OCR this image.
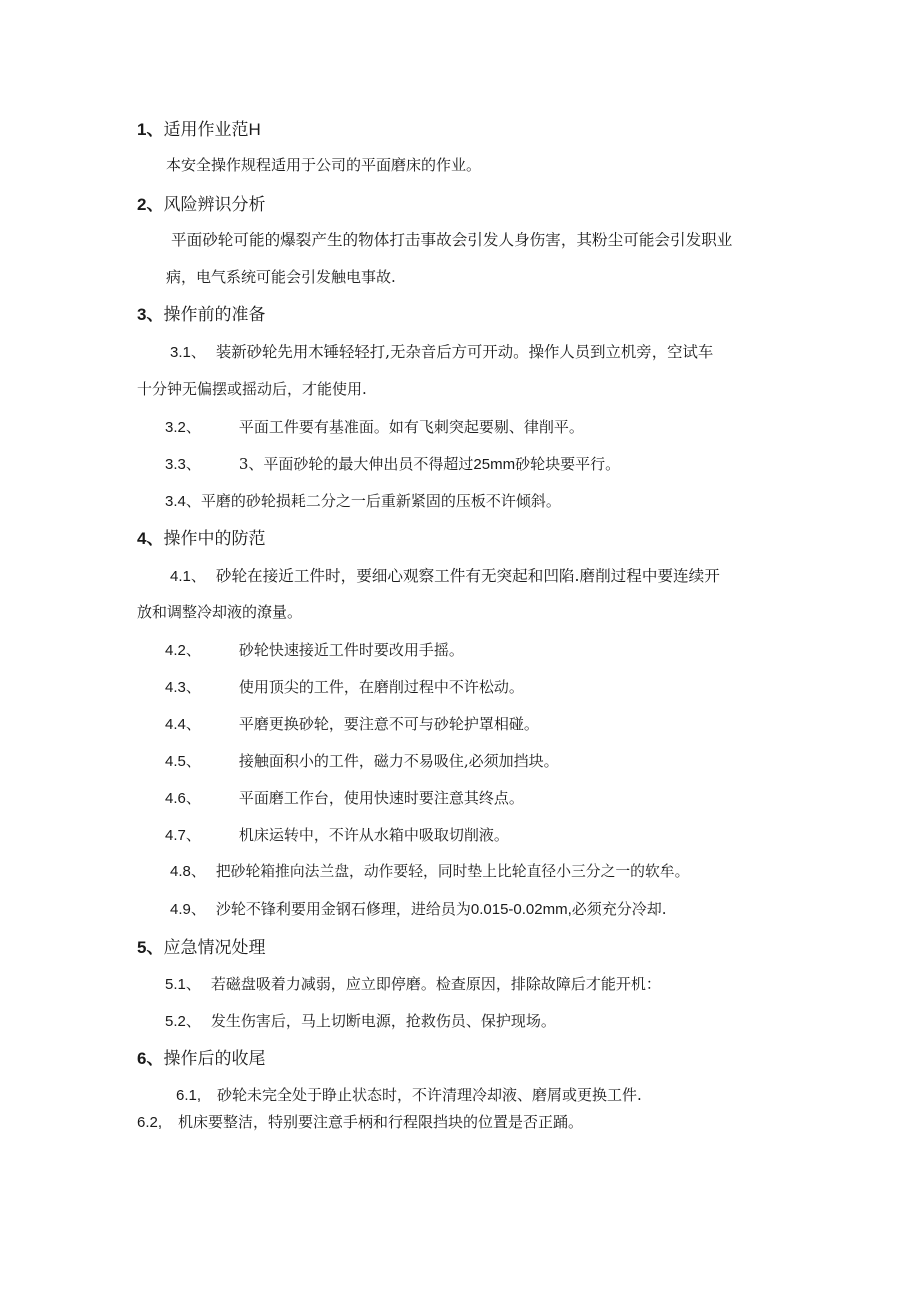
1、适用作业范H
本安全操作规程适用于公司的平面磨床的作业。
2、风险辨识分析
平面砂轮可能的爆裂产生的物体打击事故会引发人身伤害，其粉尘可能会引发职业
病，电气系统可能会引发触电事故.
3、操作前的准备
3.1、 装新砂轮先用木锤轻轻打,无杂音后方可开动。操作人员到立机旁，空试车
十分钟无偏摆或摇动后，才能使用.
3.2、	平面工件要有基准面。如有飞刺突起要剔、律削平。
3.3、	3、平面砂轮的最大伸出员不得超过25mm砂轮块要平行。
3.4、平磨的砂轮损耗二分之一后重新紧固的压板不许倾斜。
4、操作中的防范
4.1、 砂轮在接近工件时，要细心观察工件有无突起和凹陷.磨削过程中要连续开
放和调整冷却液的潦量。
4.2、	砂轮快速接近工件时要改用手摇。
4.3、	使用顶尖的工件，在磨削过程中不许松动。
4.4、	平磨更换砂轮，要注意不可与砂轮护罩相碰。
4.5、	接触面积小的工件，磁力不易吸住,必须加挡块。
4.6、	平面磨工作台，使用快速时要注意其终点。
4.7、	机床运转中，不许从水箱中吸取切削液。
4.8、 把砂轮箱推向法兰盘，动作要轻，同时垫上比轮直径小三分之一的软牟。
4.9、 沙轮不锋利要用金钢石修理，进给员为0.015-0.02mm,必须充分冷却.
5、应急情况处理
5.1、 若磁盘吸着力减弱，应立即停磨。检查原因，排除故障后才能开机：
5.2、 发生伤害后，马上切断电源，抢救伤员、保护现场。
6、操作后的收尾
6.1, 砂轮未完全处于睁止状态时，不许清理冷却液、磨屑或更换工件.
6.2, 机床要整洁，特别要注意手柄和行程限挡块的位置是否正踊。
